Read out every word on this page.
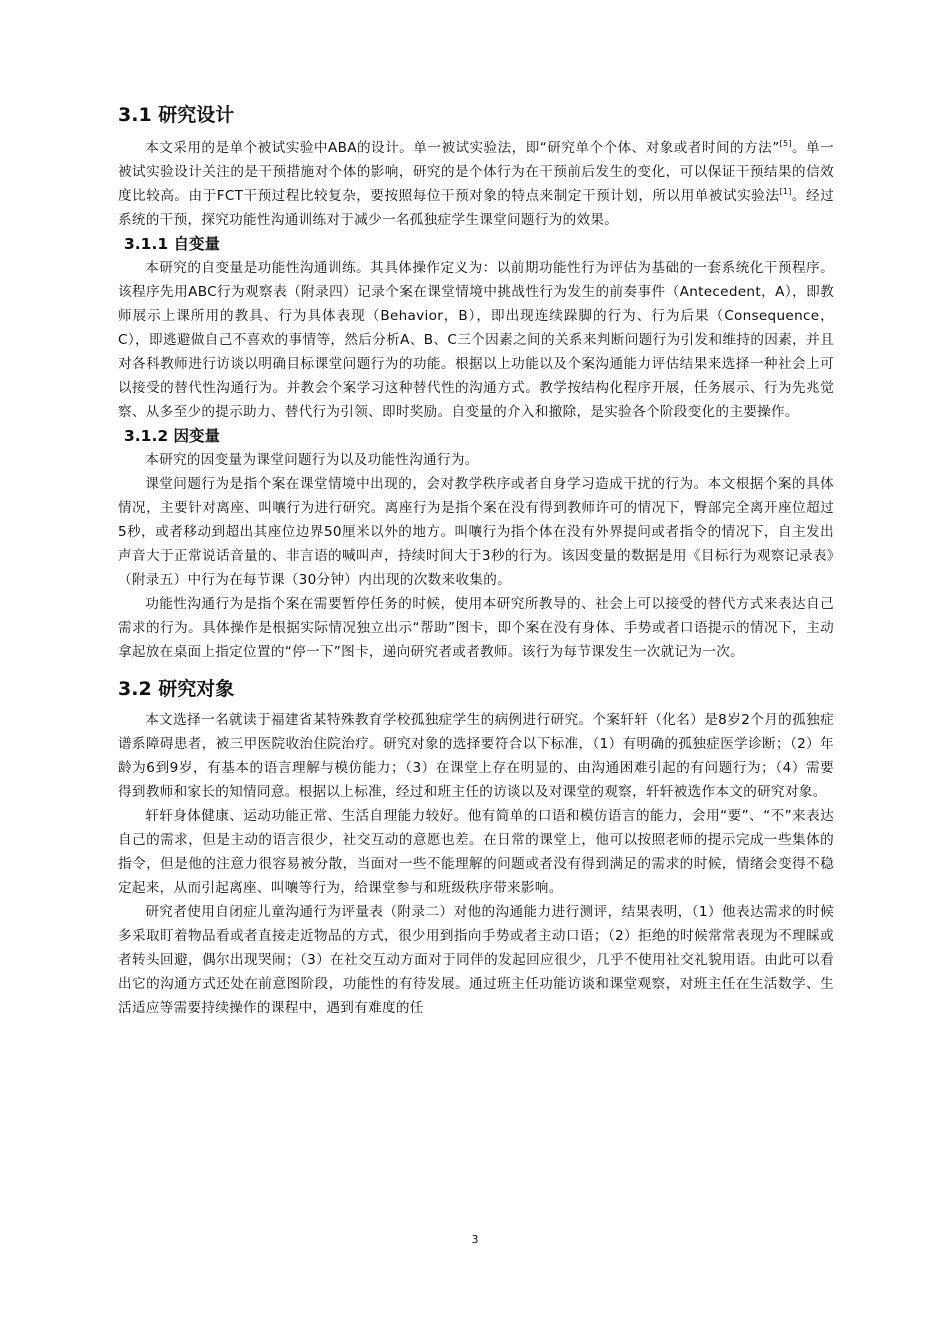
3.1 研究设计

本文采用的是单个被试实验中ABA的设计。单一被试实验法，即“研究单个个体、对象或者时间的方法”[5]。单一被试实验设计关注的是干预措施对个体的影响，研究的是个体行为在干预前后发生的变化，可以保证干预结果的信效度比较高。由于FCT干预过程比较复杂，要按照每位干预对象的特点来制定干预计划，所以用单被试实验法[1]。经过系统的干预，探究功能性沟通训练对于减少一名孤独症学生课堂问题行为的效果。

3.1.1 自变量

本研究的自变量是功能性沟通训练。其具体操作定义为：以前期功能性行为评估为基础的一套系统化干预程序。该程序先用ABC行为观察表（附录四）记录个案在课堂情境中挑战性行为发生的前奏事件（Antecedent，A），即教师展示上课所用的教具、行为具体表现（Behavior，B），即出现连续跺脚的行为、行为后果（Consequence，C），即逃避做自己不喜欢的事情等，然后分析A、B、C三个因素之间的关系来判断问题行为引发和维持的因素，并且对各科教师进行访谈以明确目标课堂问题行为的功能。根据以上功能以及个案沟通能力评估结果来选择一种社会上可以接受的替代性沟通行为。并教会个案学习这种替代性的沟通方式。教学按结构化程序开展，任务展示、行为先兆觉察、从多至少的提示助力、替代行为引领、即时奖励。自变量的介入和撤除，是实验各个阶段变化的主要操作。

3.1.2 因变量

本研究的因变量为课堂问题行为以及功能性沟通行为。

课堂问题行为是指个案在课堂情境中出现的，会对教学秩序或者自身学习造成干扰的行为。本文根据个案的具体情况，主要针对离座、叫嚷行为进行研究。离座行为是指个案在没有得到教师许可的情况下，臀部完全离开座位超过5秒，或者移动到超出其座位边界50厘米以外的地方。叫嚷行为指个体在没有外界提问或者指令的情况下，自主发出声音大于正常说话音量的、非言语的喊叫声，持续时间大于3秒的行为。该因变量的数据是用《目标行为观察记录表》（附录五）中行为在每节课（30分钟）内出现的次数来收集的。

功能性沟通行为是指个案在需要暂停任务的时候，使用本研究所教导的、社会上可以接受的替代方式来表达自己需求的行为。具体操作是根据实际情况独立出示“帮助”图卡，即个案在没有身体、手势或者口语提示的情况下，主动拿起放在桌面上指定位置的“停一下”图卡，递向研究者或者教师。该行为每节课发生一次就记为一次。

3.2 研究对象

本文选择一名就读于福建省某特殊教育学校孤独症学生的病例进行研究。个案轩轩（化名）是8岁2个月的孤独症谱系障碍患者，被三甲医院收治住院治疗。研究对象的选择要符合以下标准，（1）有明确的孤独症医学诊断；（2）年龄为6到9岁，有基本的语言理解与模仿能力；（3）在课堂上存在明显的、由沟通困难引起的有问题行为；（4）需要得到教师和家长的知情同意。根据以上标准，经过和班主任的访谈以及对课堂的观察，轩轩被选作本文的研究对象。

轩轩身体健康、运动功能正常、生活自理能力较好。他有简单的口语和模仿语言的能力，会用“要”、“不”来表达自己的需求，但是主动的语言很少，社交互动的意愿也差。在日常的课堂上，他可以按照老师的提示完成一些集体的指令，但是他的注意力很容易被分散，当面对一些不能理解的问题或者没有得到满足的需求的时候，情绪会变得不稳定起来，从而引起离座、叫嚷等行为，给课堂参与和班级秩序带来影响。

研究者使用自闭症儿童沟通行为评量表（附录二）对他的沟通能力进行测评，结果表明，（1）他表达需求的时候多采取盯着物品看或者直接走近物品的方式，很少用到指向手势或者主动口语；（2）拒绝的时候常常表现为不理睬或者转头回避，偶尔出现哭闹；（3）在社交互动方面对于同伴的发起回应很少，几乎不使用社交礼貌用语。由此可以看出它的沟通方式还处在前意图阶段，功能性的有待发展。通过班主任功能访谈和课堂观察，对班主任在生活数学、生活适应等需要持续操作的课程中，遇到有难度的任

3
